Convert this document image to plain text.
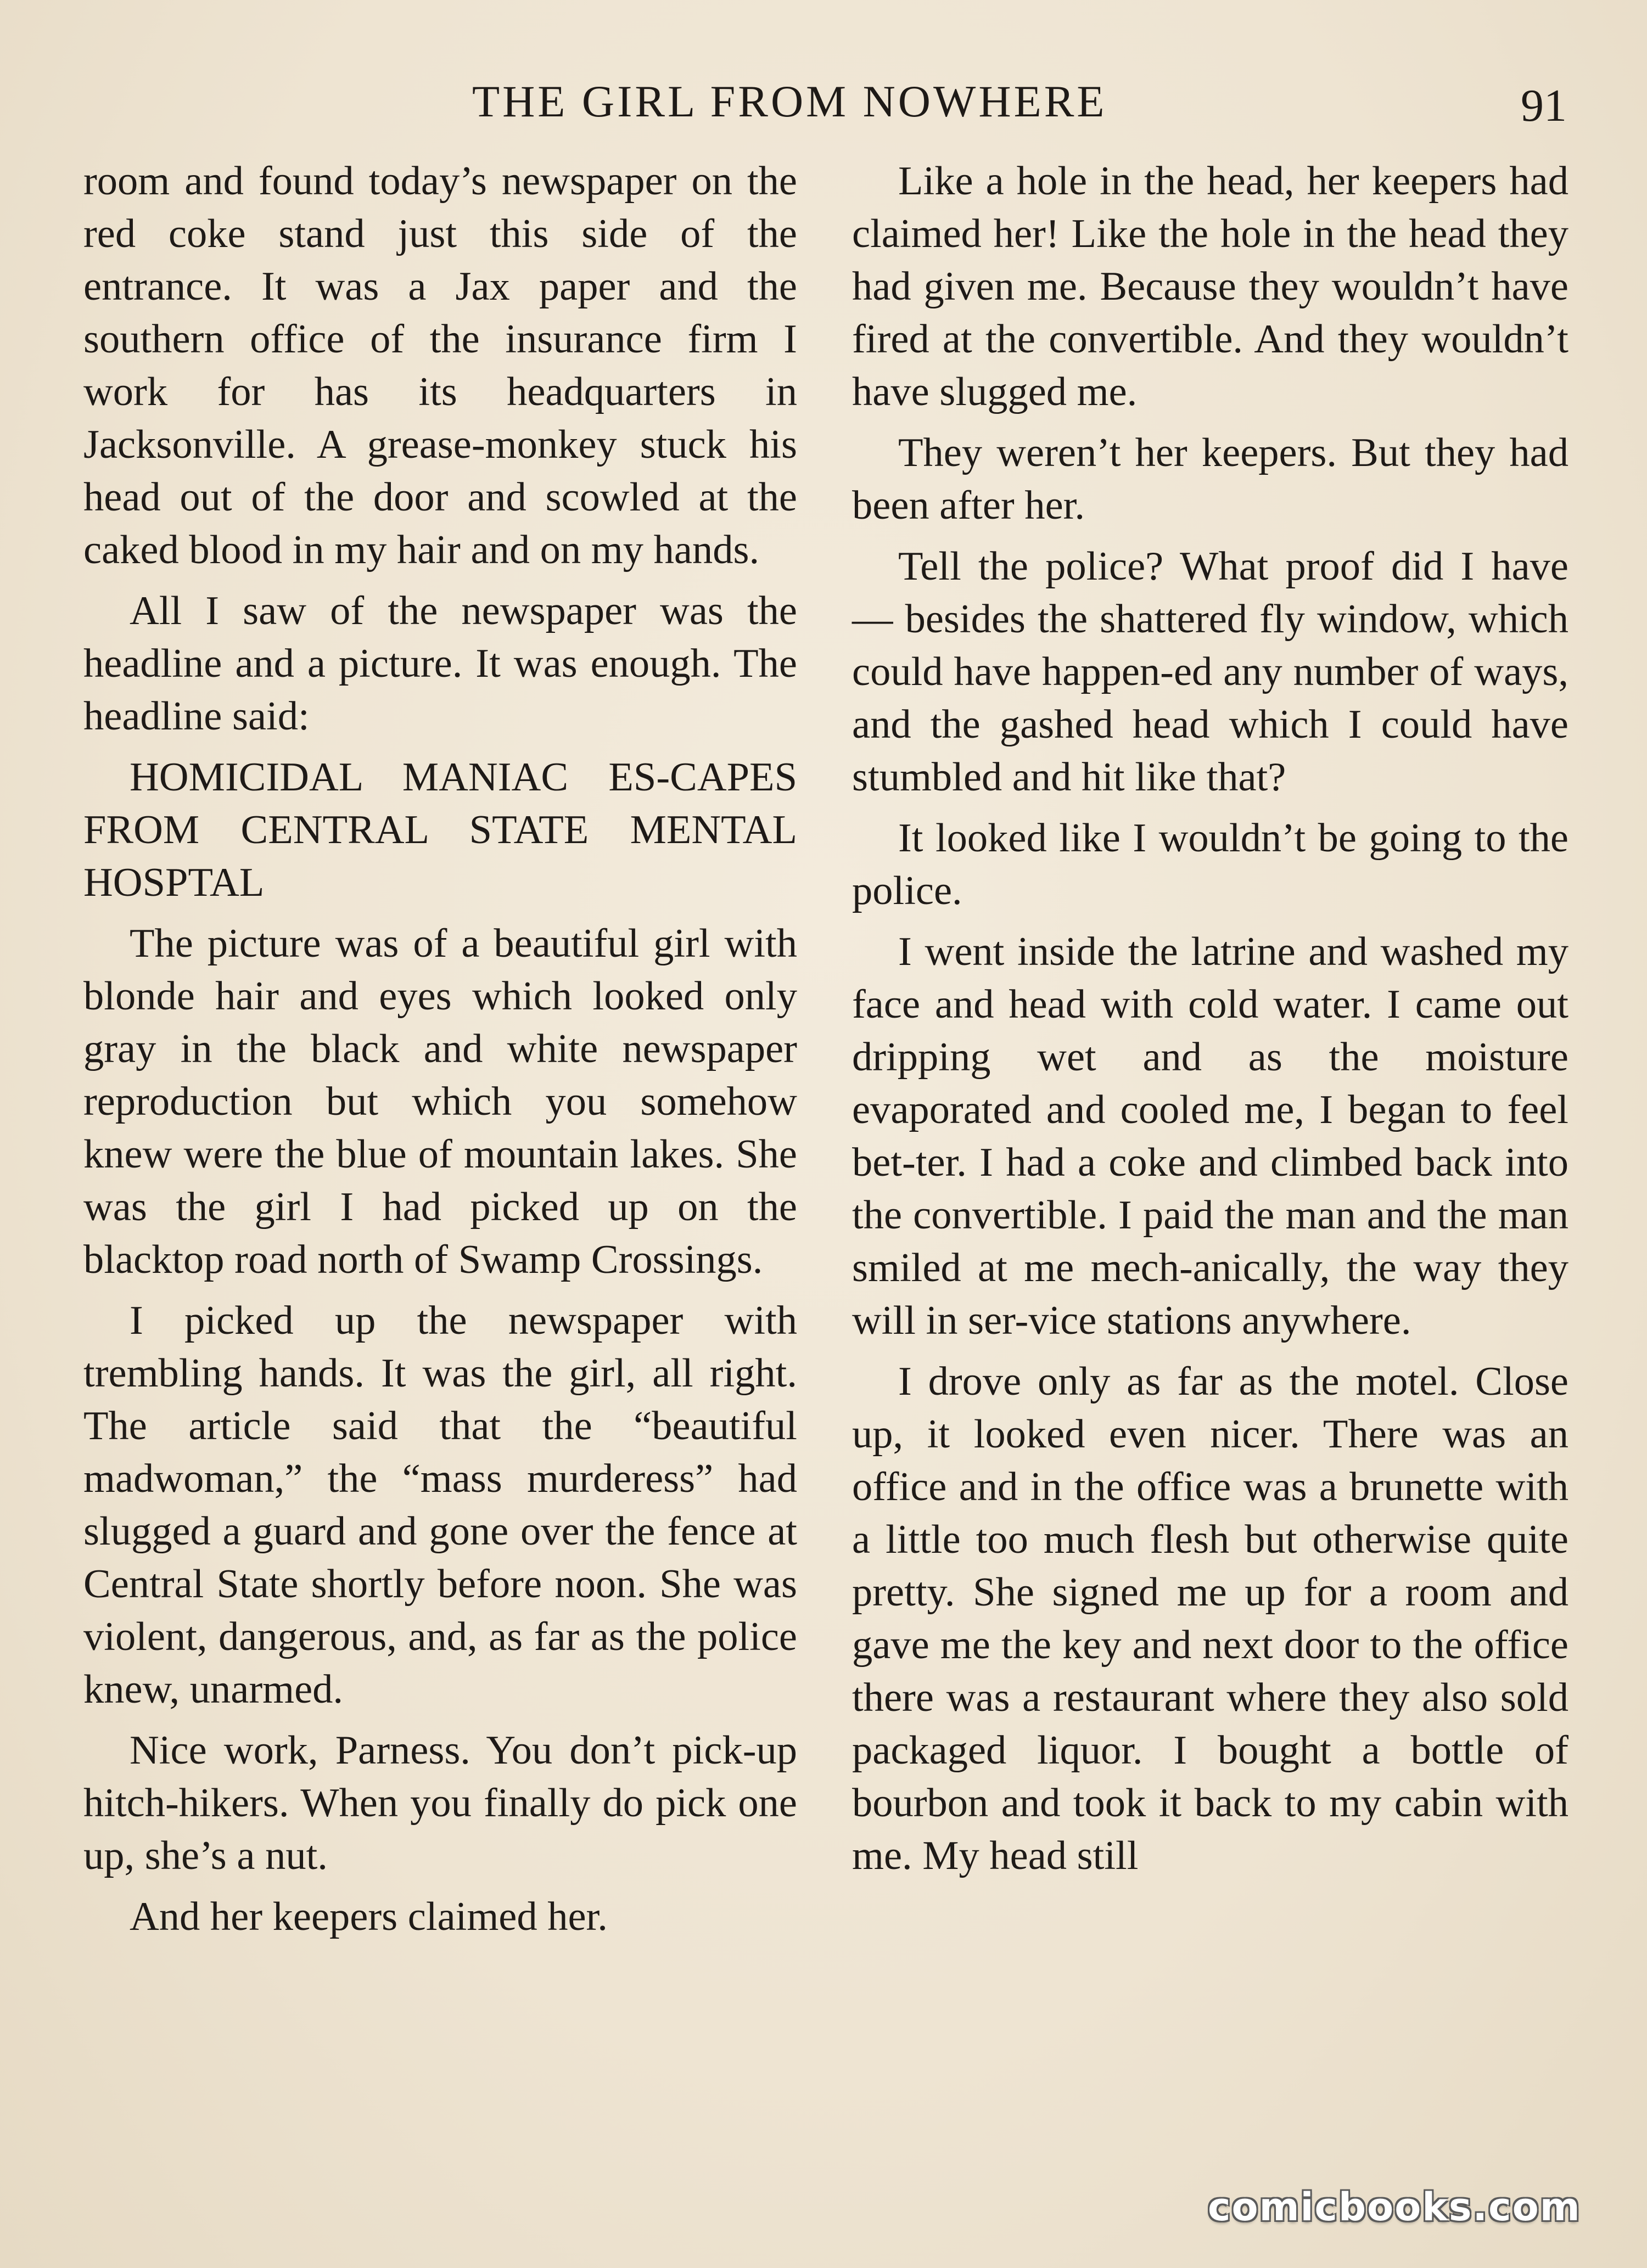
THE GIRL FROM NOWHERE	91

room and found today’s newspaper on the red coke stand just this side of the entrance. It was a Jax paper and the southern office of the insurance firm I work for has its headquarters in Jacksonville. A grease-monkey stuck his head out of the door and scowled at the caked blood in my hair and on my hands.

All I saw of the newspaper was the headline and a picture. It was enough. The headline said:

HOMICIDAL MANIAC ES-CAPES FROM CENTRAL STATE MENTAL HOSPTAL

The picture was of a beautiful girl with blonde hair and eyes which looked only gray in the black and white newspaper reproduction but which you somehow knew were the blue of mountain lakes. She was the girl I had picked up on the blacktop road north of Swamp Crossings.

I picked up the newspaper with trembling hands. It was the girl, all right. The article said that the “beautiful madwoman,” the “mass murderess” had slugged a guard and gone over the fence at Central State shortly before noon. She was violent, dangerous, and, as far as the police knew, unarmed.

Nice work, Parness. You don’t pick-up hitch-hikers. When you finally do pick one up, she’s a nut.

And her keepers claimed her.

Like a hole in the head, her keepers had claimed her! Like the hole in the head they had given me. Because they wouldn’t have fired at the convertible. And they wouldn’t have slugged me.

They weren’t her keepers. But they had been after her.

Tell the police? What proof did I have — besides the shattered fly window, which could have happen-ed any number of ways, and the gashed head which I could have stumbled and hit like that?

It looked like I wouldn’t be going to the police.

I went inside the latrine and washed my face and head with cold water. I came out dripping wet and as the moisture evaporated and cooled me, I began to feel bet-ter. I had a coke and climbed back into the convertible. I paid the man and the man smiled at me mech-anically, the way they will in ser-vice stations anywhere.

I drove only as far as the motel. Close up, it looked even nicer. There was an office and in the office was a brunette with a little too much flesh but otherwise quite pretty. She signed me up for a room and gave me the key and next door to the office there was a restaurant where they also sold packaged liquor. I bought a bottle of bourbon and took it back to my cabin with me. My head still

comicbooks.com
